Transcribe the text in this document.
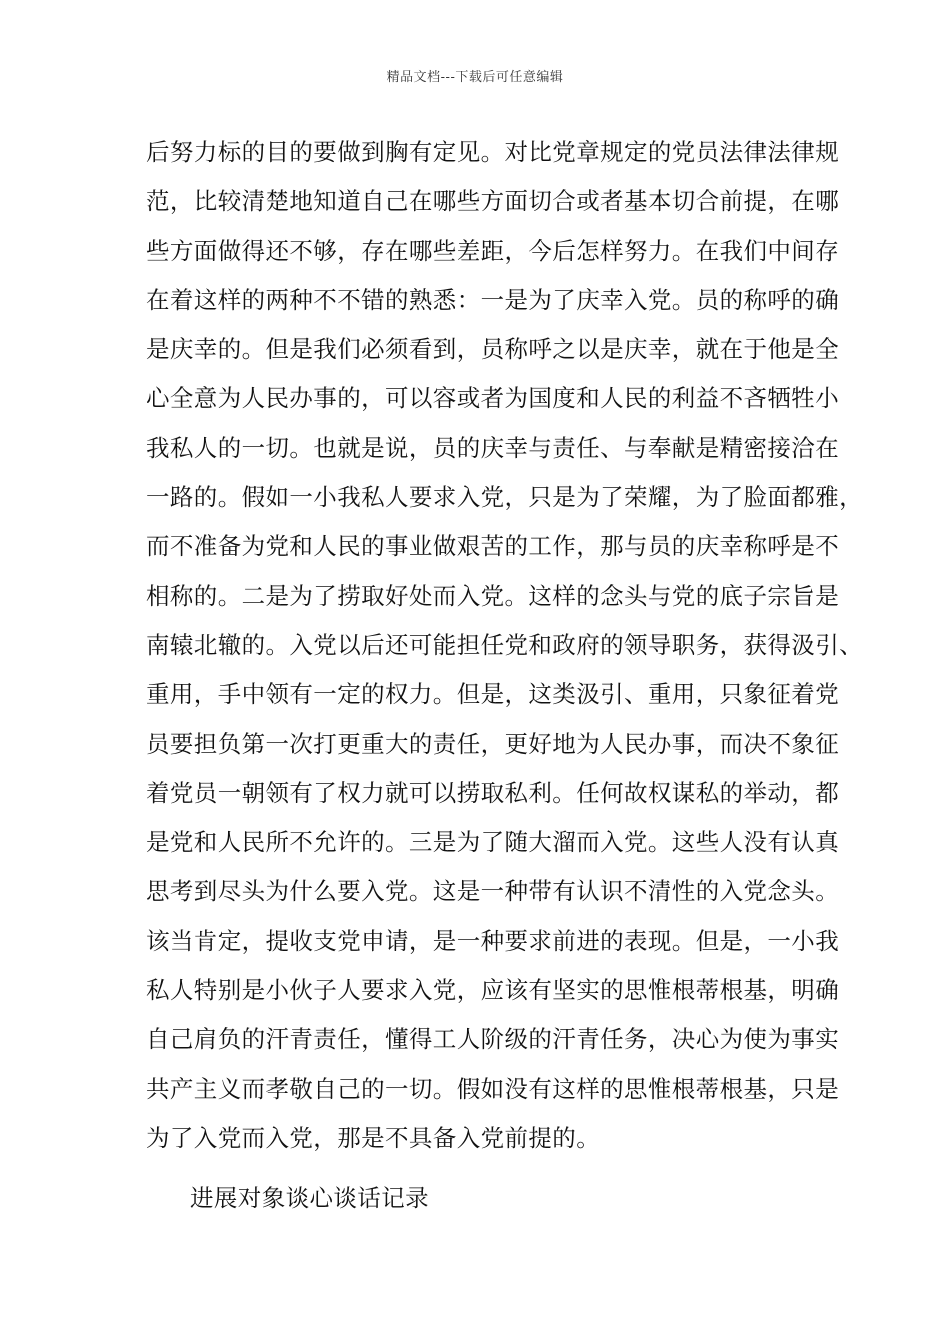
精品文档---下载后可任意编辑
后努力标的目的要做到胸有定见。对比党章规定的党员法律法律规
范，比较清楚地知道自己在哪些方面切合或者基本切合前提，在哪
些方面做得还不够，存在哪些差距，今后怎样努力。在我们中间存
在着这样的两种不不错的熟悉：一是为了庆幸入党。员的称呼的确
是庆幸的。但是我们必须看到，员称呼之以是庆幸，就在于他是全
心全意为人民办事的，可以容或者为国度和人民的利益不吝牺牲小
我私人的一切。也就是说，员的庆幸与责任、与奉献是精密接洽在
一路的。假如一小我私人要求入党，只是为了荣耀，为了脸面都雅，
而不准备为党和人民的事业做艰苦的工作，那与员的庆幸称呼是不
相称的。二是为了捞取好处而入党。这样的念头与党的底子宗旨是
南辕北辙的。入党以后还可能担任党和政府的领导职务，获得汲引、
重用，手中领有一定的权力。但是，这类汲引、重用，只象征着党
员要担负第一次打更重大的责任，更好地为人民办事，而决不象征
着党员一朝领有了权力就可以捞取私利。任何故权谋私的举动，都
是党和人民所不允许的。三是为了随大溜而入党。这些人没有认真
思考到尽头为什么要入党。这是一种带有认识不清性的入党念头。
该当肯定，提收支党申请，是一种要求前进的表现。但是，一小我
私人特别是小伙子人要求入党，应该有坚实的思惟根蒂根基，明确
自己肩负的汗青责任，懂得工人阶级的汗青任务，决心为使为事实
共产主义而孝敬自己的一切。假如没有这样的思惟根蒂根基，只是
为了入党而入党，那是不具备入党前提的。
进展对象谈心谈话记录
